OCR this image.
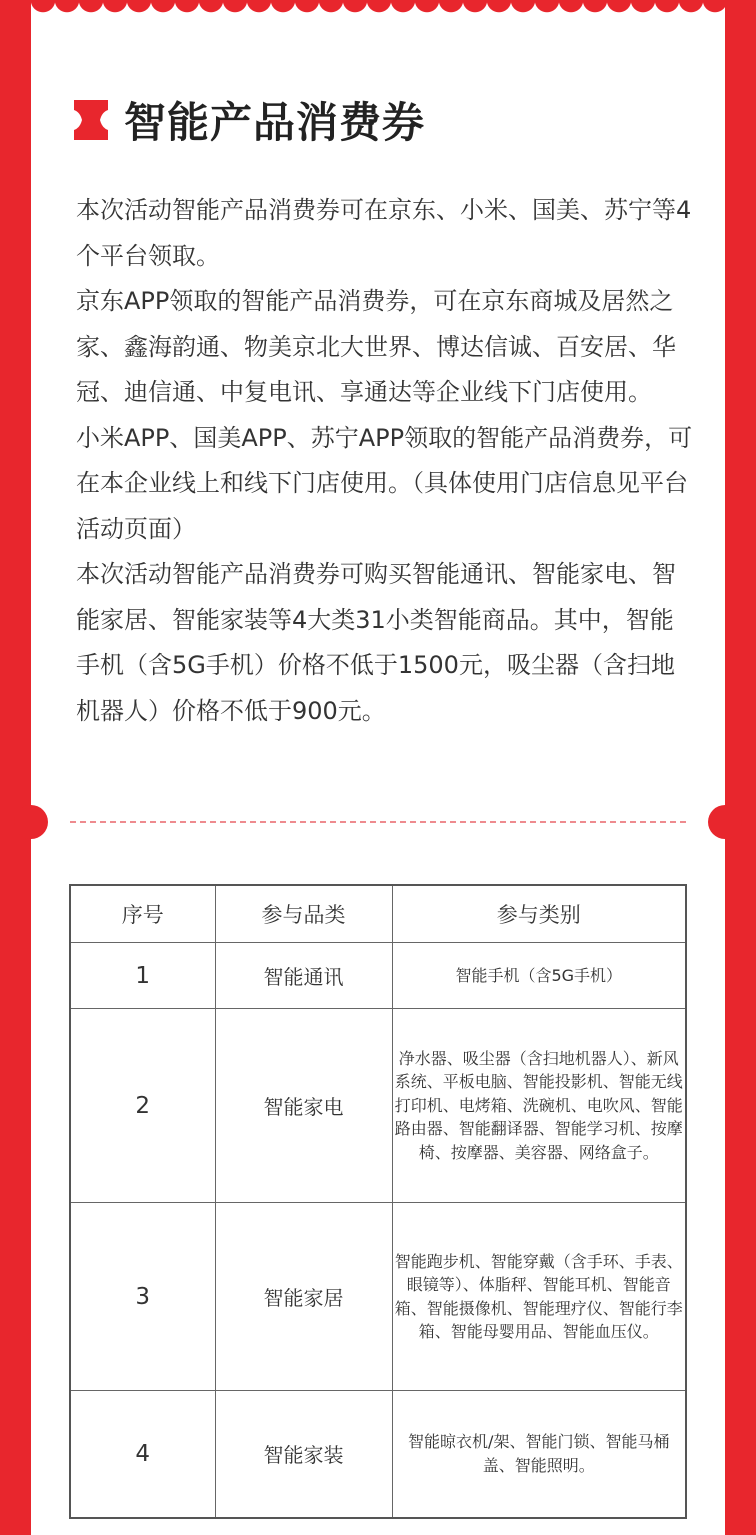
智能产品消费券

本次活动智能产品消费券可在京东、小米、国美、苏宁等4个平台领取。

京东APP领取的智能产品消费券，可在京东商城及居然之家、鑫海韵通、物美京北大世界、博达信诚、百安居、华冠、迪信通、中复电讯、享通达等企业线下门店使用。

小米APP、国美APP、苏宁APP领取的智能产品消费券，可在本企业线上和线下门店使用。（具体使用门店信息见平台活动页面）

本次活动智能产品消费券可购买智能通讯、智能家电、智能家居、智能家装等4大类31小类智能商品。其中，智能手机（含5G手机）价格不低于1500元，吸尘器（含扫地机器人）价格不低于900元。

序号	参与品类	参与类别
1	智能通讯	智能手机（含5G手机）
2	智能家电	净水器、吸尘器（含扫地机器人）、新风系统、平板电脑、智能投影机、智能无线打印机、电烤箱、洗碗机、电吹风、智能路由器、智能翻译器、智能学习机、按摩椅、按摩器、美容器、网络盒子。
3	智能家居	智能跑步机、智能穿戴（含手环、手表、眼镜等）、体脂秤、智能耳机、智能音箱、智能摄像机、智能理疗仪、智能行李箱、智能母婴用品、智能血压仪。
4	智能家装	智能晾衣机/架、智能门锁、智能马桶盖、智能照明。
